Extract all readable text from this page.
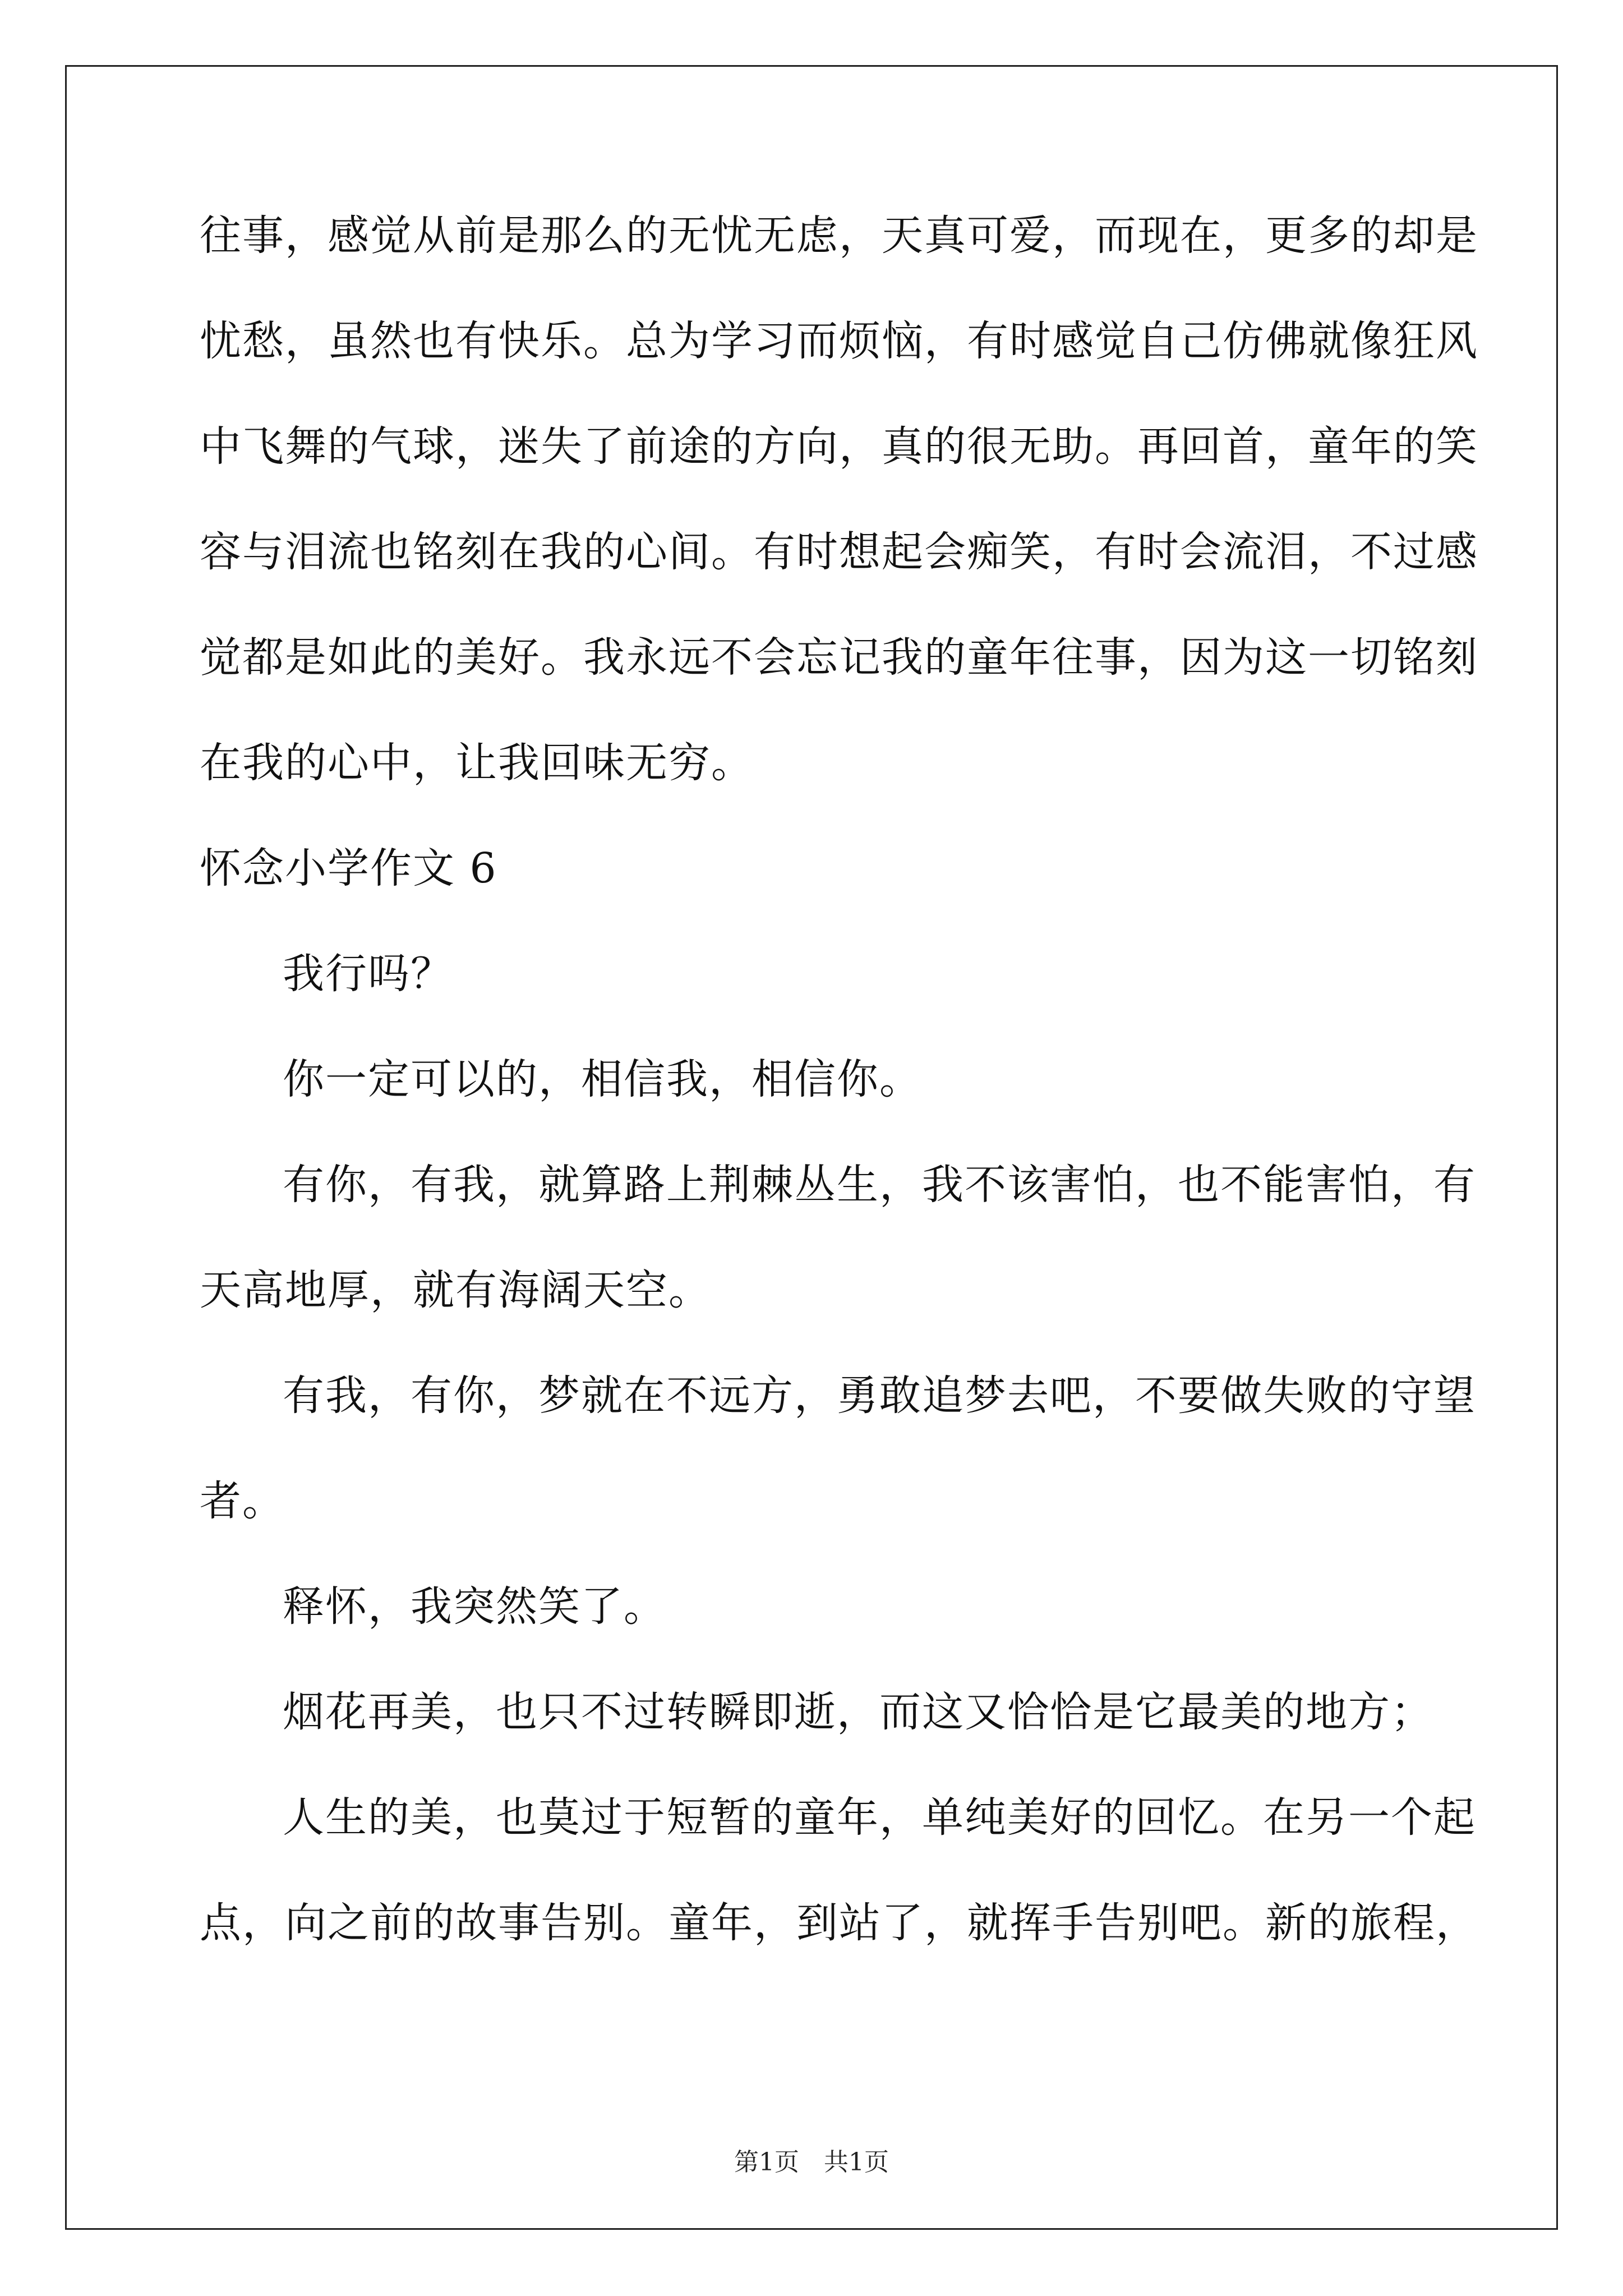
往事，感觉从前是那么的无忧无虑，天真可爱，而现在，更多的却是
忧愁，虽然也有快乐。总为学习而烦恼，有时感觉自己仿佛就像狂风
中飞舞的气球，迷失了前途的方向，真的很无助。再回首，童年的笑
容与泪流也铭刻在我的心间。有时想起会痴笑，有时会流泪，不过感
觉都是如此的美好。我永远不会忘记我的童年往事，因为这一切铭刻
在我的心中，让我回味无穷。
怀念小学作文 6
我行吗？
你一定可以的，相信我，相信你。
有你，有我，就算路上荆棘丛生，我不该害怕，也不能害怕，有
天高地厚，就有海阔天空。
有我，有你，梦就在不远方，勇敢追梦去吧，不要做失败的守望
者。
释怀，我突然笑了。
烟花再美，也只不过转瞬即逝，而这又恰恰是它最美的地方；
人生的美，也莫过于短暂的童年，单纯美好的回忆。在另一个起
点，向之前的故事告别。童年，到站了，就挥手告别吧。新的旅程，
第1页　共1页
